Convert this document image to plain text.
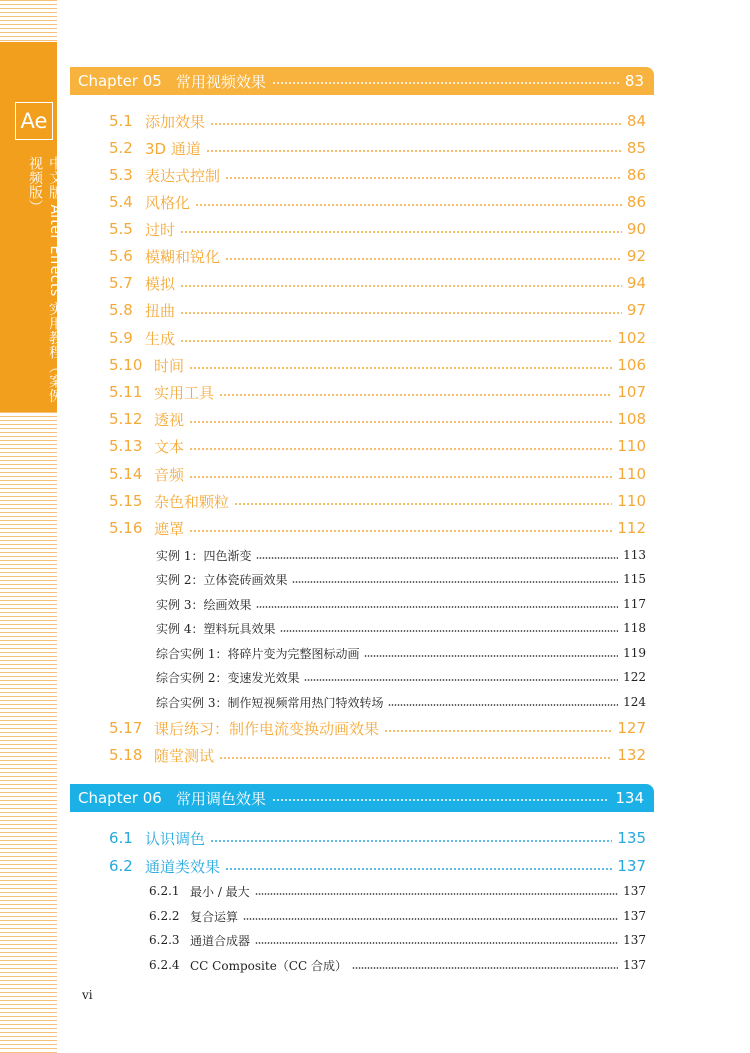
Ae
中文版 After Effects 实用教程（案例视频版）
Chapter 05 常用视频效果	83
5.1 添加效果	84
5.2 3D 通道	85
5.3 表达式控制	86
5.4 风格化	86
5.5 过时	90
5.6 模糊和锐化	92
5.7 模拟	94
5.8 扭曲	97
5.9 生成	102
5.10 时间	106
5.11 实用工具	107
5.12 透视	108
5.13 文本	110
5.14 音频	110
5.15 杂色和颗粒	110
5.16 遮罩	112
实例 1：四色渐变	113
实例 2：立体瓷砖画效果	115
实例 3：绘画效果	117
实例 4：塑料玩具效果	118
综合实例 1：将碎片变为完整图标动画	119
综合实例 2：变速发光效果	122
综合实例 3：制作短视频常用热门特效转场	124
5.17 课后练习：制作电流变换动画效果	127
5.18 随堂测试	132
Chapter 06 常用调色效果	134
6.1 认识调色	135
6.2 通道类效果	137
6.2.1 最小 / 最大	137
6.2.2 复合运算	137
6.2.3 通道合成器	137
6.2.4 CC Composite（CC 合成）	137
vi
